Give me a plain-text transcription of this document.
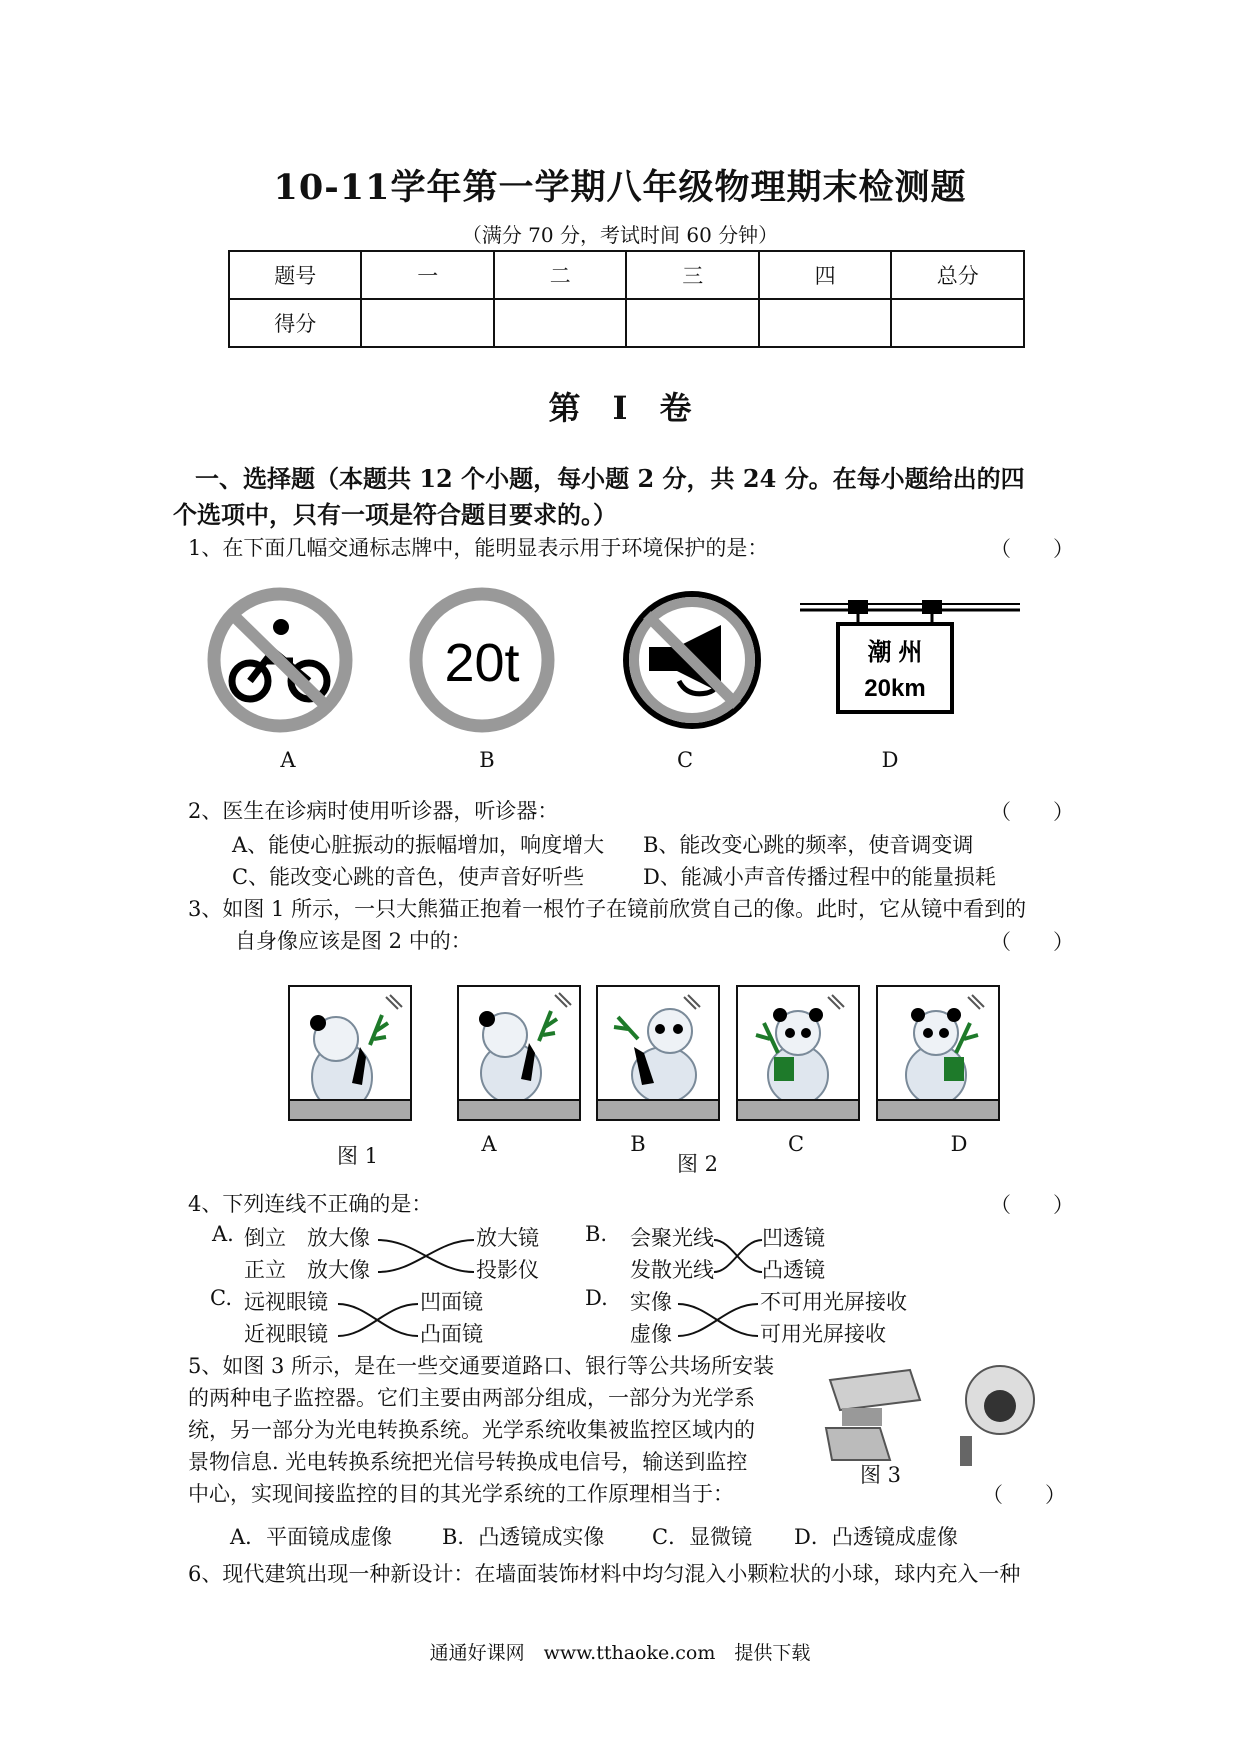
10-11学年第一学期八年级物理期末检测题
（满分 70 分，考试时间 60 分钟）
题号	一	二	三	四	总分
得分					
第　Ⅰ　卷
一、选择题（本题共 12 个小题，每小题 2 分，共 24 分。在每小题给出的四
个选项中，只有一项是符合题目要求的。）
1、在下面几幅交通标志牌中，能明显表示用于环境保护的是：	（　　）
A
20t
B	C
潮 州
20km
D
2、医生在诊病时使用听诊器，听诊器：	（　　）
A、能使心脏振动的振幅增加，响度增大 B、能改变心跳的频率，使音调变调
C、能改变心跳的音色，使声音好听些	D、能减小声音传播过程中的能量损耗
3、如图 1 所示，一只大熊猫正抱着一根竹子在镜前欣赏自己的像。此时，它从镜中看到的
自身像应该是图 2 中的：	（　　）
A	B	C	D
图 1	图 2
4、下列连线不正确的是：	（　　）
A. 倒立　放大像
正立　放大像
放大镜
投影仪
B. 会聚光线
发散光线
凹透镜
凸透镜
C. 远视眼镜
近视眼镜
凹面镜
凸面镜
D. 实像
虚像
不可用光屏接收
可用光屏接收
5、如图 3 所示，是在一些交通要道路口、银行等公共场所安装
的两种电子监控器。它们主要由两部分组成，一部分为光学系
统，另一部分为光电转换系统。光学系统收集被监控区域内的
景物信息. 光电转换系统把光信号转换成电信号，输送到监控
中心，实现间接监控的目的其光学系统的工作原理相当于：	（　　）
图 3
A．平面镜成虚像 B．凸透镜成实像 C．显微镜 D．凸透镜成虚像
6、现代建筑出现一种新设计：在墙面装饰材料中均匀混入小颗粒状的小球，球内充入一种
通通好课网　www.tthaoke.com　提供下载
